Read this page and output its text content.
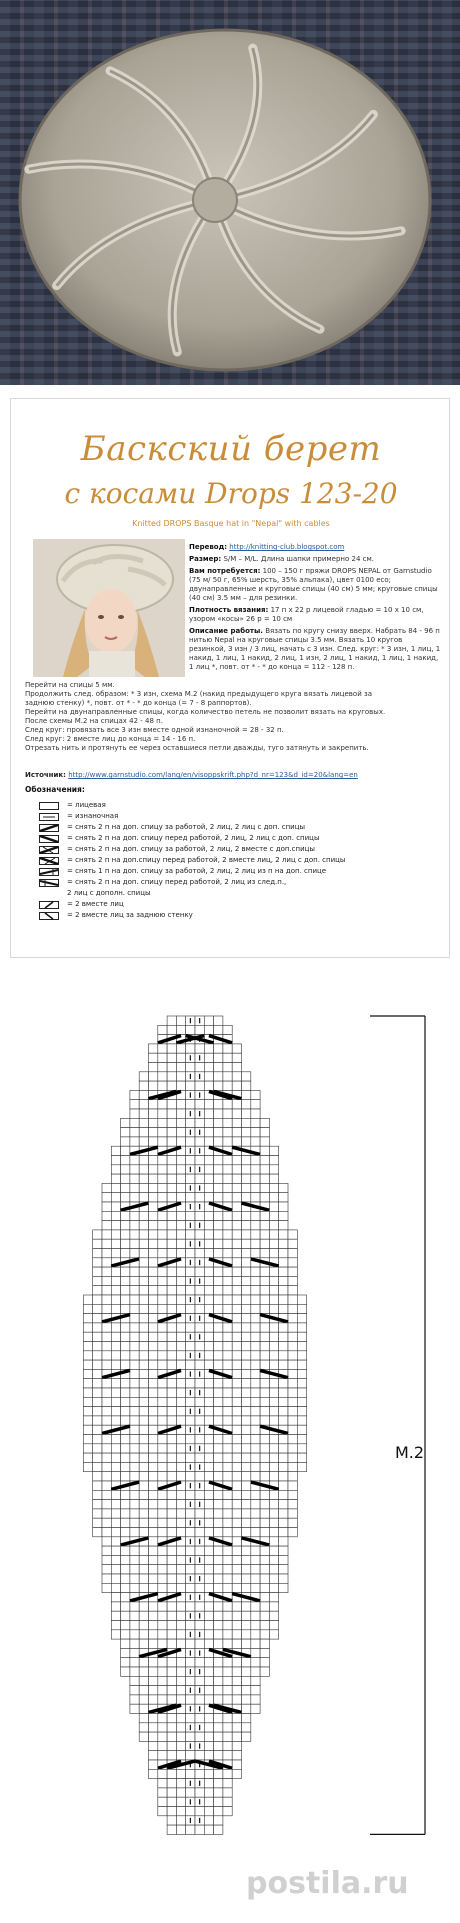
Баскский берет
с косами Drops 123-20
Knitted DROPS Basque hat in "Nepal" with cables

Перевод: http://knitting-club.blogspot.com

Размер: S/M – M/L. Длина шапки примерно 24 см.

Вам потребуется: 100 – 150 г пряжи DROPS NEPAL от Garnstudio (75 м/ 50 г, 65% шерсть, 35% альпака), цвет 0100 eco; двунаправленные и круговые спицы (40 см) 5 мм; круговые спицы (40 см) 3.5 мм – для резинки.

Плотность вязания: 17 п x 22 р лицевой гладью = 10 x 10 см, узором «косы» 26 р = 10 см

Описание работы. Вязать по кругу снизу вверх. Набрать 84 - 96 п нитью Nepal на круговые спицы 3.5 мм. Вязать 10 кругов резинкой, 3 изн / 3 лиц, начать с 3 изн. След. круг: * 3 изн, 1 лиц, 1 накид, 1 лиц, 1 накид, 2 лиц, 1 изн, 2 лиц, 1 накид, 1 лиц, 1 накид, 1 лиц *, повт. от * - * до конца = 112 - 128 п.

Перейти на спицы 5 мм.

Продолжить след. образом: * 3 изн, схема M.2 (накид предыдущего круга вязать лицевой за

заднюю стенку) *, повт. от * - * до конца (= 7 - 8 раппортов).

Перейти на двунаправленные спицы, когда количество петель не позволит вязать на круговых.

После схемы M.2 на спицах 42 - 48 п.

След круг: провязать все 3 изн вместе одной изнаночной = 28 - 32 п.

След круг: 2 вместе лиц до конца = 14 - 16 п.

Отрезать нить и протянуть ее через оставшиеся петли дважды, туго затянуть и закрепить.

Источник: http://www.garnstudio.com/lang/en/visoppskrift.php?d_nr=123&d_id=20&lang=en
Обозначения:
= лицевая
= изнаночная
= снять 2 п на доп. спицу за работой, 2 лиц, 2 лиц с доп. спицы
= снять 2 п на доп. спицу перед работой, 2 лиц, 2 лиц с доп. спицы
= снять 2 п на доп. спицу за работой, 2 лиц, 2 вместе с доп.спицы
= снять 2 п на доп.спицу перед работой, 2 вместе лиц, 2 лиц с доп. спицы
= снять 1 п на доп. спицу за работой, 2 лиц, 2 лиц из п на доп. спице
= снять 2 п на доп. спицу перед работой, 2 лиц из след.п.,
2 лиц с дополн. спицы
= 2 вместе лиц
= 2 вместе лиц за заднюю стенку
M.2
postila.ru
